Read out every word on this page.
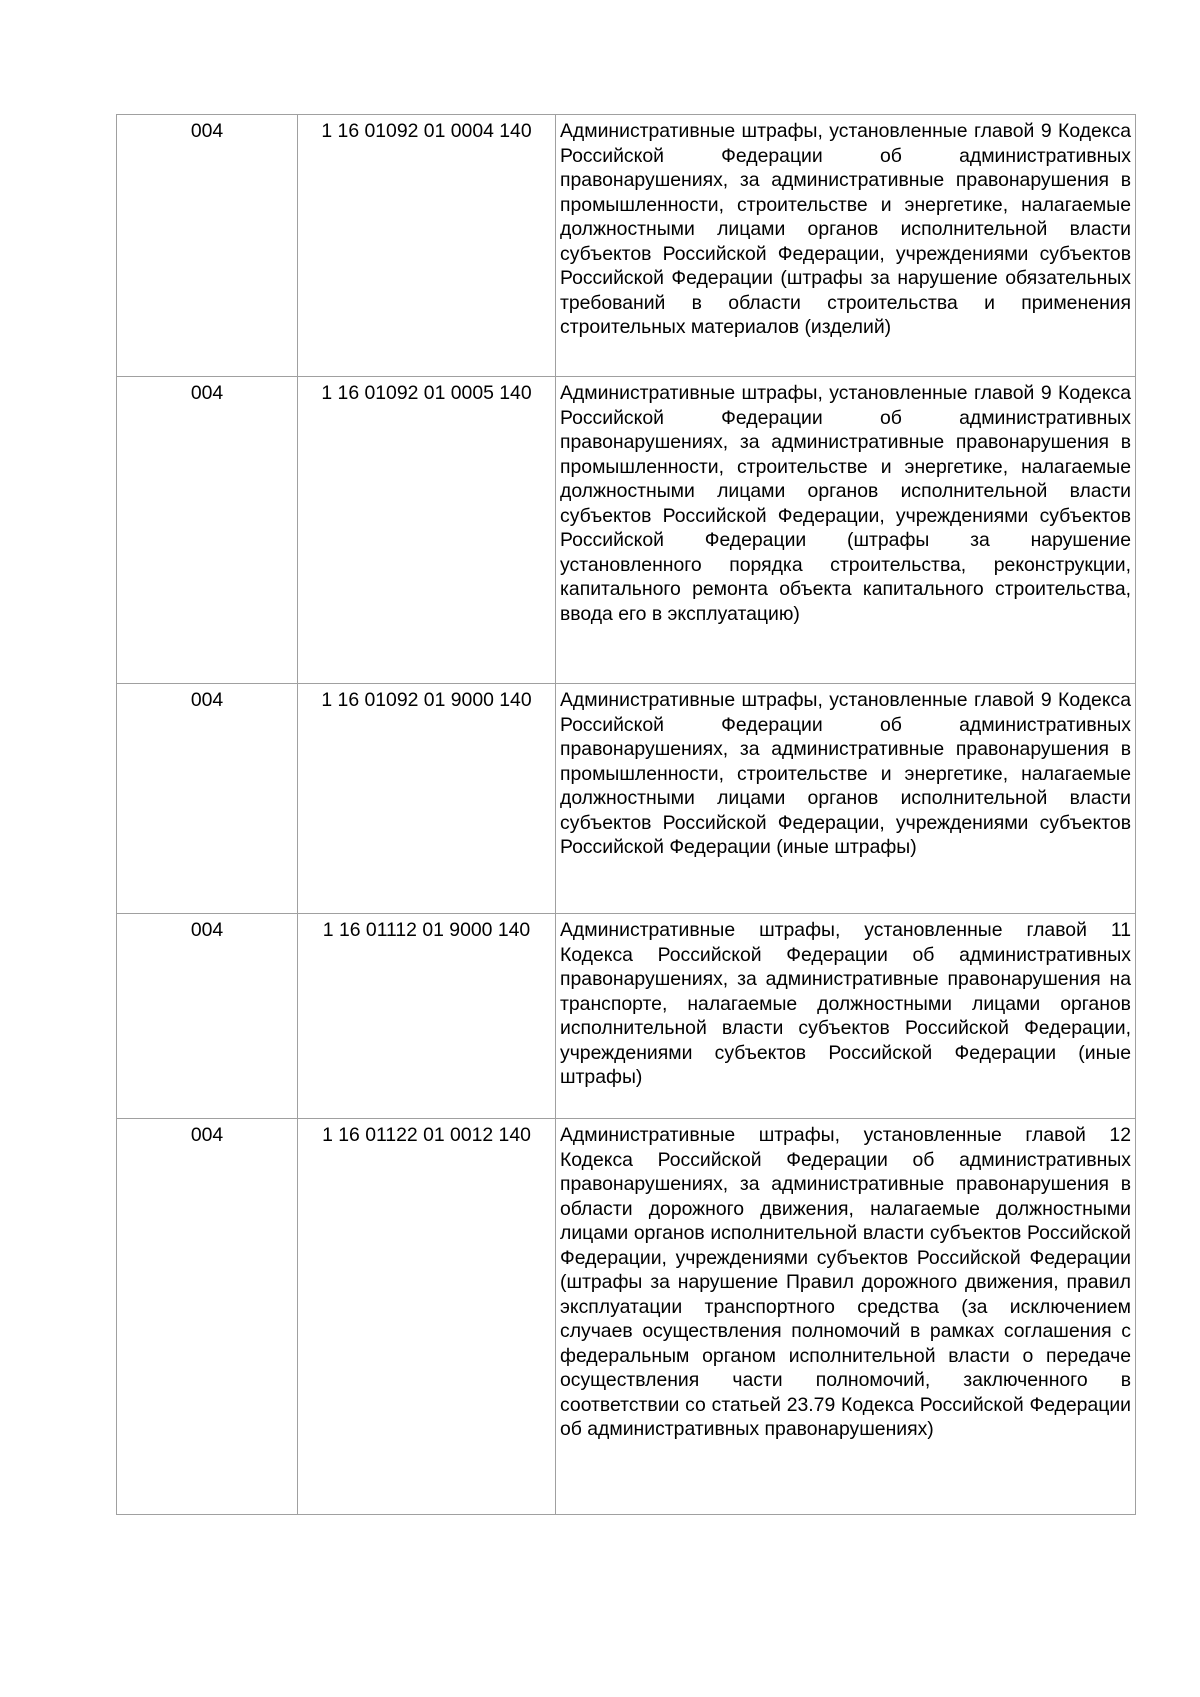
004	1 16 01092 01 0004 140	Административные штрафы, установленные главой 9 Кодекса Российской Федерации об административных правонарушениях, за административные правонарушения в промышленности, строительстве и энергетике, налагаемые должностными лицами органов исполнительной власти субъектов Российской Федерации, учреждениями субъектов Российской Федерации (штрафы за нарушение обязательных требований в области строительства и применения строительных материалов (изделий)
004	1 16 01092 01 0005 140	Административные штрафы, установленные главой 9 Кодекса Российской Федерации об административных правонарушениях, за административные правонарушения в промышленности, строительстве и энергетике, налагаемые должностными лицами органов исполнительной власти субъектов Российской Федерации, учреждениями субъектов Российской Федерации (штрафы за нарушение установленного порядка строительства, реконструкции, капитального ремонта объекта капитального строительства, ввода его в эксплуатацию)
004	1 16 01092 01 9000 140	Административные штрафы, установленные главой 9 Кодекса Российской Федерации об административных правонарушениях, за административные правонарушения в промышленности, строительстве и энергетике, налагаемые должностными лицами органов исполнительной власти субъектов Российской Федерации, учреждениями субъектов Российской Федерации (иные штрафы)
004	1 16 01112 01 9000 140	Административные штрафы, установленные главой 11 Кодекса Российской Федерации об административных правонарушениях, за административные правонарушения на транспорте, налагаемые должностными лицами органов исполнительной власти субъектов Российской Федерации, учреждениями субъектов Российской Федерации (иные штрафы)
004	1 16 01122 01 0012 140	Административные штрафы, установленные главой 12 Кодекса Российской Федерации об административных правонарушениях, за административные правонарушения в области дорожного движения, налагаемые должностными лицами органов исполнительной власти субъектов Российской Федерации, учреждениями субъектов Российской Федерации (штрафы за нарушение Правил дорожного движения, правил эксплуатации транспортного средства (за исключением случаев осуществления полномочий в рамках соглашения с федеральным органом исполнительной власти о передаче осуществления части полномочий, заключенного в соответствии со статьей 23.79 Кодекса Российской Федерации об административных правонарушениях)
